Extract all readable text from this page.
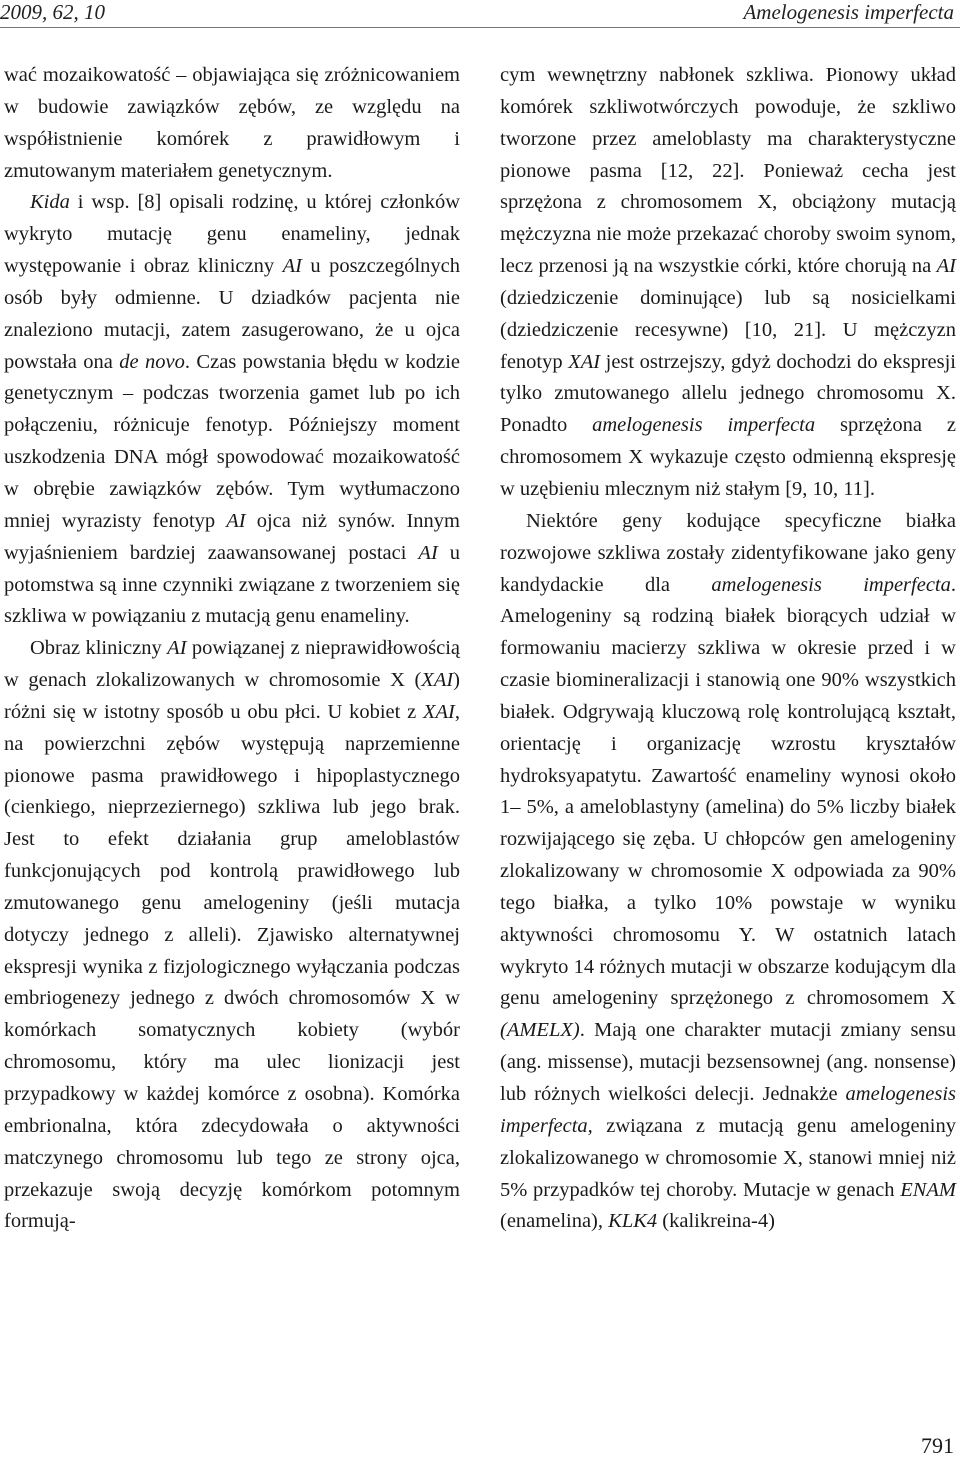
2009, 62, 10	Amelogenesis imperfecta

wać mozaikowatość – objawiająca się zróżnicowaniem w budowie zawiązków zębów, ze względu na współistnienie komórek z prawidłowym i zmutowanym materiałem genetycznym.

Kida i wsp. [8] opisali rodzinę, u której członków wykryto mutację genu enameliny, jednak występowanie i obraz kliniczny AI u poszczególnych osób były odmienne. U dziadków pacjenta nie znaleziono mutacji, zatem zasugerowano, że u ojca powstała ona de novo. Czas powstania błędu w kodzie genetycznym – podczas tworzenia gamet lub po ich połączeniu, różnicuje fenotyp. Późniejszy moment uszkodzenia DNA mógł spowodować mozaikowatość w obrębie zawiązków zębów. Tym wytłumaczono mniej wyrazisty fenotyp AI ojca niż synów. Innym wyjaśnieniem bardziej zaawansowanej postaci AI u potomstwa są inne czynniki związane z tworzeniem się szkliwa w powiązaniu z mutacją genu enameliny.

Obraz kliniczny AI powiązanej z nieprawidłowością w genach zlokalizowanych w chromosomie X (XAI) różni się w istotny sposób u obu płci. U kobiet z XAI, na powierzchni zębów występują naprzemienne pionowe pasma prawidłowego i hipoplastycznego (cienkiego, nieprzeziernego) szkliwa lub jego brak. Jest to efekt działania grup ameloblastów funkcjonujących pod kontrolą prawidłowego lub zmutowanego genu amelogeniny (jeśli mutacja dotyczy jednego z alleli). Zjawisko alternatywnej ekspresji wynika z fizjologicznego wyłączania podczas embriogenezy jednego z dwóch chromosomów X w komórkach somatycznych kobiety (wybór chromosomu, który ma ulec lionizacji jest przypadkowy w każdej komórce z osobna). Komórka embrionalna, która zdecydowała o aktywności matczynego chromosomu lub tego ze strony ojca, przekazuje swoją decyzję komórkom potomnym formują-

cym wewnętrzny nabłonek szkliwa. Pionowy układ komórek szkliwotwórczych powoduje, że szkliwo tworzone przez ameloblasty ma charakterystyczne pionowe pasma [12, 22]. Ponieważ cecha jest sprzężona z chromosomem X, obciążony mutacją mężczyzna nie może przekazać choroby swoim synom, lecz przenosi ją na wszystkie córki, które chorują na AI (dziedziczenie dominujące) lub są nosicielkami (dziedziczenie recesywne) [10, 21]. U mężczyzn fenotyp XAI jest ostrzejszy, gdyż dochodzi do ekspresji tylko zmutowanego allelu jednego chromosomu X. Ponadto amelogenesis imperfecta sprzężona z chromosomem X wykazuje często odmienną ekspresję w uzębieniu mlecznym niż stałym [9, 10, 11].

Niektóre geny kodujące specyficzne białka rozwojowe szkliwa zostały zidentyfikowane jako geny kandydackie dla amelogenesis imperfecta. Amelogeniny są rodziną białek biorących udział w formowaniu macierzy szkliwa w okresie przed i w czasie biomineralizacji i stanowią one 90% wszystkich białek. Odgrywają kluczową rolę kontrolującą kształt, orientację i organizację wzrostu kryształów hydroksyapatytu. Zawartość enameliny wynosi około 1– 5%, a ameloblastyny (amelina) do 5% liczby białek rozwijającego się zęba. U chłopców gen amelogeniny zlokalizowany w chromosomie X odpowiada za 90% tego białka, a tylko 10% powstaje w wyniku aktywności chromosomu Y. W ostatnich latach wykryto 14 różnych mutacji w obszarze kodującym dla genu amelogeniny sprzężonego z chromosomem X (AMELX). Mają one charakter mutacji zmiany sensu (ang. missense), mutacji bezsensownej (ang. nonsense) lub różnych wielkości delecji. Jednakże amelogenesis imperfecta, związana z mutacją genu amelogeniny zlokalizowanego w chromosomie X, stanowi mniej niż 5% przypadków tej choroby. Mutacje w genach ENAM (enamelina), KLK4 (kalikreina-4)

791
